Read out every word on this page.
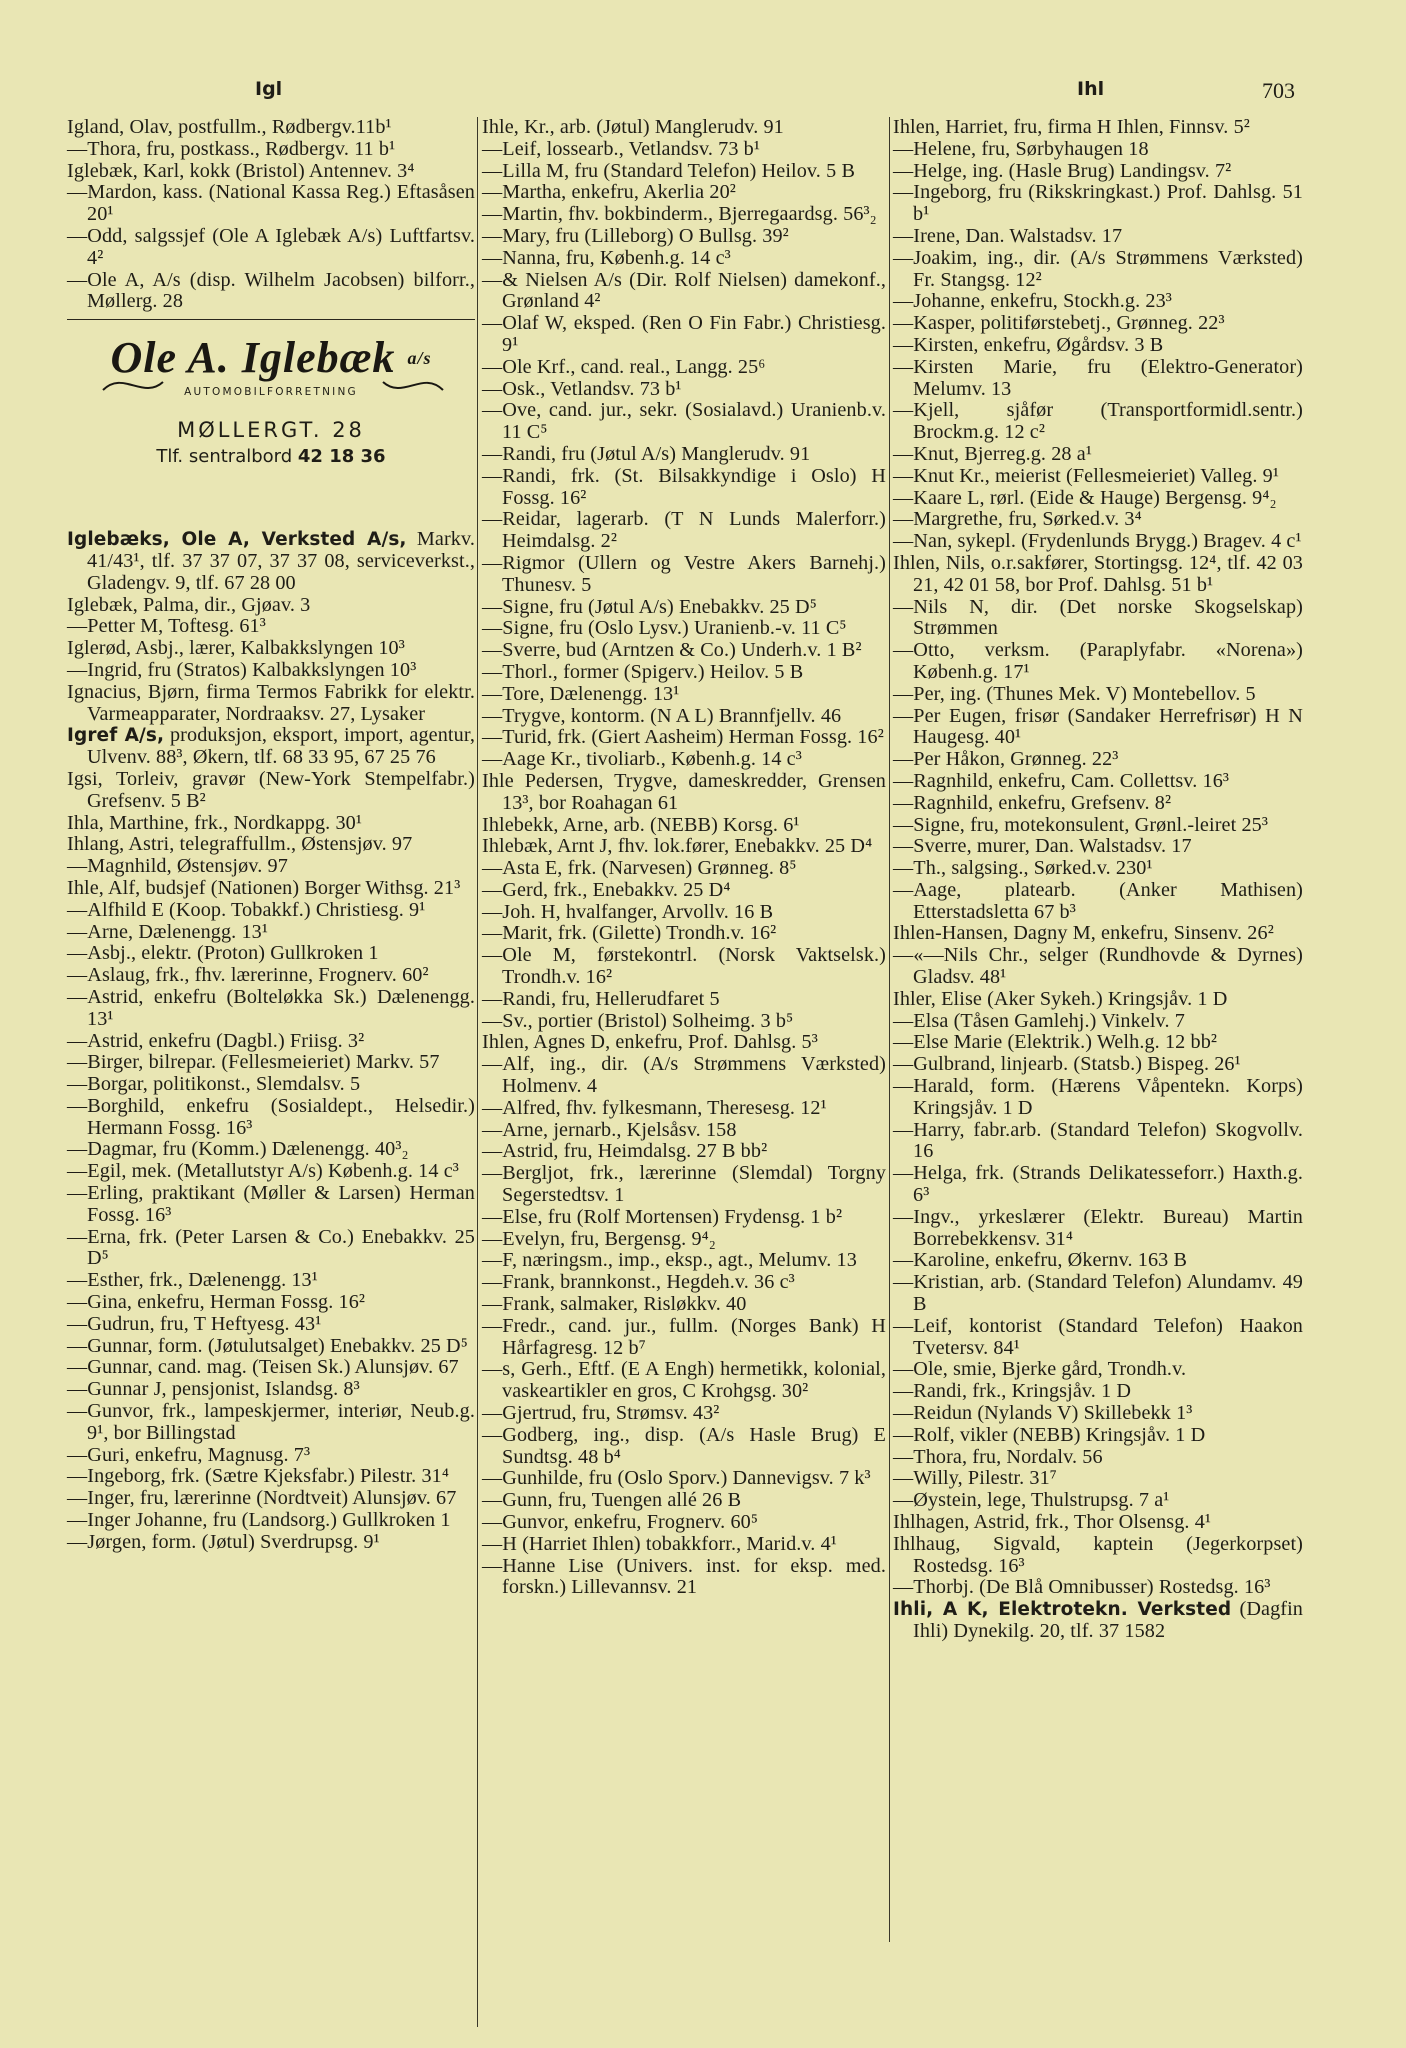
Igl	Ihl	703

Igland, Olav, postfullm., Rødbergv.11b¹

—Thora, fru, postkass., Rødbergv. 11 b¹

Iglebæk, Karl, kokk (Bristol) Antennev. 3⁴

—Mardon, kass. (National Kassa Reg.) Eftasåsen 20¹

—Odd, salgssjef (Ole A Iglebæk A/s) Luftfartsv. 4²

—Ole A, A/s (disp. Wilhelm Jacobsen) bilforr., Møllerg. 28

Ole A. Iglebæk $^{a/s}$
AUTOMOBILFORRETNING
MØLLERGT. 28
Tlf. sentralbord 42 18 36

Iglebæks, Ole A, Verksted A/s, Markv. 41/43¹, tlf. 37 37 07, 37 37 08, serviceverkst., Gladengv. 9, tlf. 67 28 00

Iglebæk, Palma, dir., Gjøav. 3

—Petter M, Toftesg. 61³

Iglerød, Asbj., lærer, Kalbakkslyngen 10³

—Ingrid, fru (Stratos) Kalbakkslyngen 10³

Ignacius, Bjørn, firma Termos Fabrikk for elektr. Varmeapparater, Nordraaksv. 27, Lysaker

Igref A/s, produksjon, eksport, import, agentur, Ulvenv. 88³, Økern, tlf. 68 33 95, 67 25 76

Igsi, Torleiv, gravør (New-York Stempelfabr.) Grefsenv. 5 B²

Ihla, Marthine, frk., Nordkappg. 30¹

Ihlang, Astri, telegraffullm., Østensjøv. 97

—Magnhild, Østensjøv. 97

Ihle, Alf, budsjef (Nationen) Borger Withsg. 21³

—Alfhild E (Koop. Tobakkf.) Christiesg. 9¹

—Arne, Dælenengg. 13¹

—Asbj., elektr. (Proton) Gullkroken 1

—Aslaug, frk., fhv. lærerinne, Frognerv. 60²

—Astrid, enkefru (Bolteløkka Sk.) Dælenengg. 13¹

—Astrid, enkefru (Dagbl.) Friisg. 3²

—Birger, bilrepar. (Fellesmeieriet) Markv. 57

—Borgar, politikonst., Slemdalsv. 5

—Borghild, enkefru (Sosialdept., Helsedir.) Hermann Fossg. 16³

—Dagmar, fru (Komm.) Dælenengg. 40³₂

—Egil, mek. (Metallutstyr A/s) Københ.g. 14 c³

—Erling, praktikant (Møller & Larsen) Herman Fossg. 16³

—Erna, frk. (Peter Larsen & Co.) Enebakkv. 25 D⁵

—Esther, frk., Dælenengg. 13¹

—Gina, enkefru, Herman Fossg. 16²

—Gudrun, fru, T Heftyesg. 43¹

—Gunnar, form. (Jøtulutsalget) Enebakkv. 25 D⁵

—Gunnar, cand. mag. (Teisen Sk.) Alunsjøv. 67

—Gunnar J, pensjonist, Islandsg. 8³

—Gunvor, frk., lampeskjermer, interiør, Neub.g. 9¹, bor Billingstad

—Guri, enkefru, Magnusg. 7³

—Ingeborg, frk. (Sætre Kjeksfabr.) Pilestr. 31⁴

—Inger, fru, lærerinne (Nordtveit) Alunsjøv. 67

—Inger Johanne, fru (Landsorg.) Gullkroken 1

—Jørgen, form. (Jøtul) Sverdrupsg. 9¹

Ihle, Kr., arb. (Jøtul) Manglerudv. 91

—Leif, lossearb., Vetlandsv. 73 b¹

—Lilla M, fru (Standard Telefon) Heilov. 5 B

—Martha, enkefru, Akerlia 20²

—Martin, fhv. bokbinderm., Bjerregaardsg. 56³₂

—Mary, fru (Lilleborg) O Bullsg. 39²

—Nanna, fru, Københ.g. 14 c³

—& Nielsen A/s (Dir. Rolf Nielsen) damekonf., Grønland 4²

—Olaf W, eksped. (Ren O Fin Fabr.) Christiesg. 9¹

—Ole Krf., cand. real., Langg. 25⁶

—Osk., Vetlandsv. 73 b¹

—Ove, cand. jur., sekr. (Sosialavd.) Uranienb.v. 11 C⁵

—Randi, fru (Jøtul A/s) Manglerudv. 91

—Randi, frk. (St. Bilsakkyndige i Oslo) H Fossg. 16²

—Reidar, lagerarb. (T N Lunds Malerforr.) Heimdalsg. 2²

—Rigmor (Ullern og Vestre Akers Barnehj.) Thunesv. 5

—Signe, fru (Jøtul A/s) Enebakkv. 25 D⁵

—Signe, fru (Oslo Lysv.) Uranienb.-v. 11 C⁵

—Sverre, bud (Arntzen & Co.) Underh.v. 1 B²

—Thorl., former (Spigerv.) Heilov. 5 B

—Tore, Dælenengg. 13¹

—Trygve, kontorm. (N A L) Brannfjellv. 46

—Turid, frk. (Giert Aasheim) Herman Fossg. 16²

—Aage Kr., tivoliarb., Københ.g. 14 c³

Ihle Pedersen, Trygve, dameskredder, Grensen 13³, bor Roahagan 61

Ihlebekk, Arne, arb. (NEBB) Korsg. 6¹

Ihlebæk, Arnt J, fhv. lok.fører, Enebakkv. 25 D⁴

—Asta E, frk. (Narvesen) Grønneg. 8⁵

—Gerd, frk., Enebakkv. 25 D⁴

—Joh. H, hvalfanger, Arvollv. 16 B

—Marit, frk. (Gilette) Trondh.v. 16²

—Ole M, førstekontrl. (Norsk Vaktselsk.) Trondh.v. 16²

—Randi, fru, Hellerudfaret 5

—Sv., portier (Bristol) Solheimg. 3 b⁵

Ihlen, Agnes D, enkefru, Prof. Dahlsg. 5³

—Alf, ing., dir. (A/s Strømmens Værksted) Holmenv. 4

—Alfred, fhv. fylkesmann, Theresesg. 12¹

—Arne, jernarb., Kjelsåsv. 158

—Astrid, fru, Heimdalsg. 27 B bb²

—Bergljot, frk., lærerinne (Slemdal) Torgny Segerstedtsv. 1

—Else, fru (Rolf Mortensen) Frydensg. 1 b²

—Evelyn, fru, Bergensg. 9⁴₂

—F, næringsm., imp., eksp., agt., Melumv. 13

—Frank, brannkonst., Hegdeh.v. 36 c³

—Frank, salmaker, Risløkkv. 40

—Fredr., cand. jur., fullm. (Norges Bank) H Hårfagresg. 12 b⁷

—s, Gerh., Eftf. (E A Engh) hermetikk, kolonial, vaskeartikler en gros, C Krohgsg. 30²

—Gjertrud, fru, Strømsv. 43²

—Godberg, ing., disp. (A/s Hasle Brug) E Sundtsg. 48 b⁴

—Gunhilde, fru (Oslo Sporv.) Dannevigsv. 7 k³

—Gunn, fru, Tuengen allé 26 B

—Gunvor, enkefru, Frognerv. 60⁵

—H (Harriet Ihlen) tobakkforr., Marid.v. 4¹

—Hanne Lise (Univers. inst. for eksp. med. forskn.) Lillevannsv. 21

Ihlen, Harriet, fru, firma H Ihlen, Finnsv. 5²

—Helene, fru, Sørbyhaugen 18

—Helge, ing. (Hasle Brug) Landingsv. 7²

—Ingeborg, fru (Rikskringkast.) Prof. Dahlsg. 51 b¹

—Irene, Dan. Walstadsv. 17

—Joakim, ing., dir. (A/s Strømmens Værksted) Fr. Stangsg. 12²

—Johanne, enkefru, Stockh.g. 23³

—Kasper, politiførstebetj., Grønneg. 22³

—Kirsten, enkefru, Øgårdsv. 3 B

—Kirsten Marie, fru (Elektro-Generator) Melumv. 13

—Kjell, sjåfør (Transportformidl.sentr.) Brockm.g. 12 c²

—Knut, Bjerreg.g. 28 a¹

—Knut Kr., meierist (Fellesmeieriet) Valleg. 9¹

—Kaare L, rørl. (Eide & Hauge) Bergensg. 9⁴₂

—Margrethe, fru, Sørked.v. 3⁴

—Nan, sykepl. (Frydenlunds Brygg.) Bragev. 4 c¹

Ihlen, Nils, o.r.sakfører, Stortingsg. 12⁴, tlf. 42 03 21, 42 01 58, bor Prof. Dahlsg. 51 b¹

—Nils N, dir. (Det norske Skogselskap) Strømmen

—Otto, verksm. (Paraplyfabr. «Norena») Københ.g. 17¹

—Per, ing. (Thunes Mek. V) Montebellov. 5

—Per Eugen, frisør (Sandaker Herrefrisør) H N Haugesg. 40¹

—Per Håkon, Grønneg. 22³

—Ragnhild, enkefru, Cam. Collettsv. 16³

—Ragnhild, enkefru, Grefsenv. 8²

—Signe, fru, motekonsulent, Grønl.-leiret 25³

—Sverre, murer, Dan. Walstadsv. 17

—Th., salgsing., Sørked.v. 230¹

—Aage, platearb. (Anker Mathisen) Etterstadsletta 67 b³

Ihlen-Hansen, Dagny M, enkefru, Sinsenv. 26²

—«—Nils Chr., selger (Rundhovde & Dyrnes) Gladsv. 48¹

Ihler, Elise (Aker Sykeh.) Kringsjåv. 1 D

—Elsa (Tåsen Gamlehj.) Vinkelv. 7

—Else Marie (Elektrik.) Welh.g. 12 bb²

—Gulbrand, linjearb. (Statsb.) Bispeg. 26¹

—Harald, form. (Hærens Våpentekn. Korps) Kringsjåv. 1 D

—Harry, fabr.arb. (Standard Telefon) Skogvollv. 16

—Helga, frk. (Strands Delikatesseforr.) Haxth.g. 6³

—Ingv., yrkeslærer (Elektr. Bureau) Martin Borrebekkensv. 31⁴

—Karoline, enkefru, Økernv. 163 B

—Kristian, arb. (Standard Telefon) Alundamv. 49 B

—Leif, kontorist (Standard Telefon) Haakon Tvetersv. 84¹

—Ole, smie, Bjerke gård, Trondh.v.

—Randi, frk., Kringsjåv. 1 D

—Reidun (Nylands V) Skillebekk 1³

—Rolf, vikler (NEBB) Kringsjåv. 1 D

—Thora, fru, Nordalv. 56

—Willy, Pilestr. 31⁷

—Øystein, lege, Thulstrupsg. 7 a¹

Ihlhagen, Astrid, frk., Thor Olsensg. 4¹

Ihlhaug, Sigvald, kaptein (Jegerkorpset) Rostedsg. 16³

—Thorbj. (De Blå Omnibusser) Rostedsg. 16³

Ihli, A K, Elektrotekn. Verksted (Dagfin Ihli) Dynekilg. 20, tlf. 37 1582
